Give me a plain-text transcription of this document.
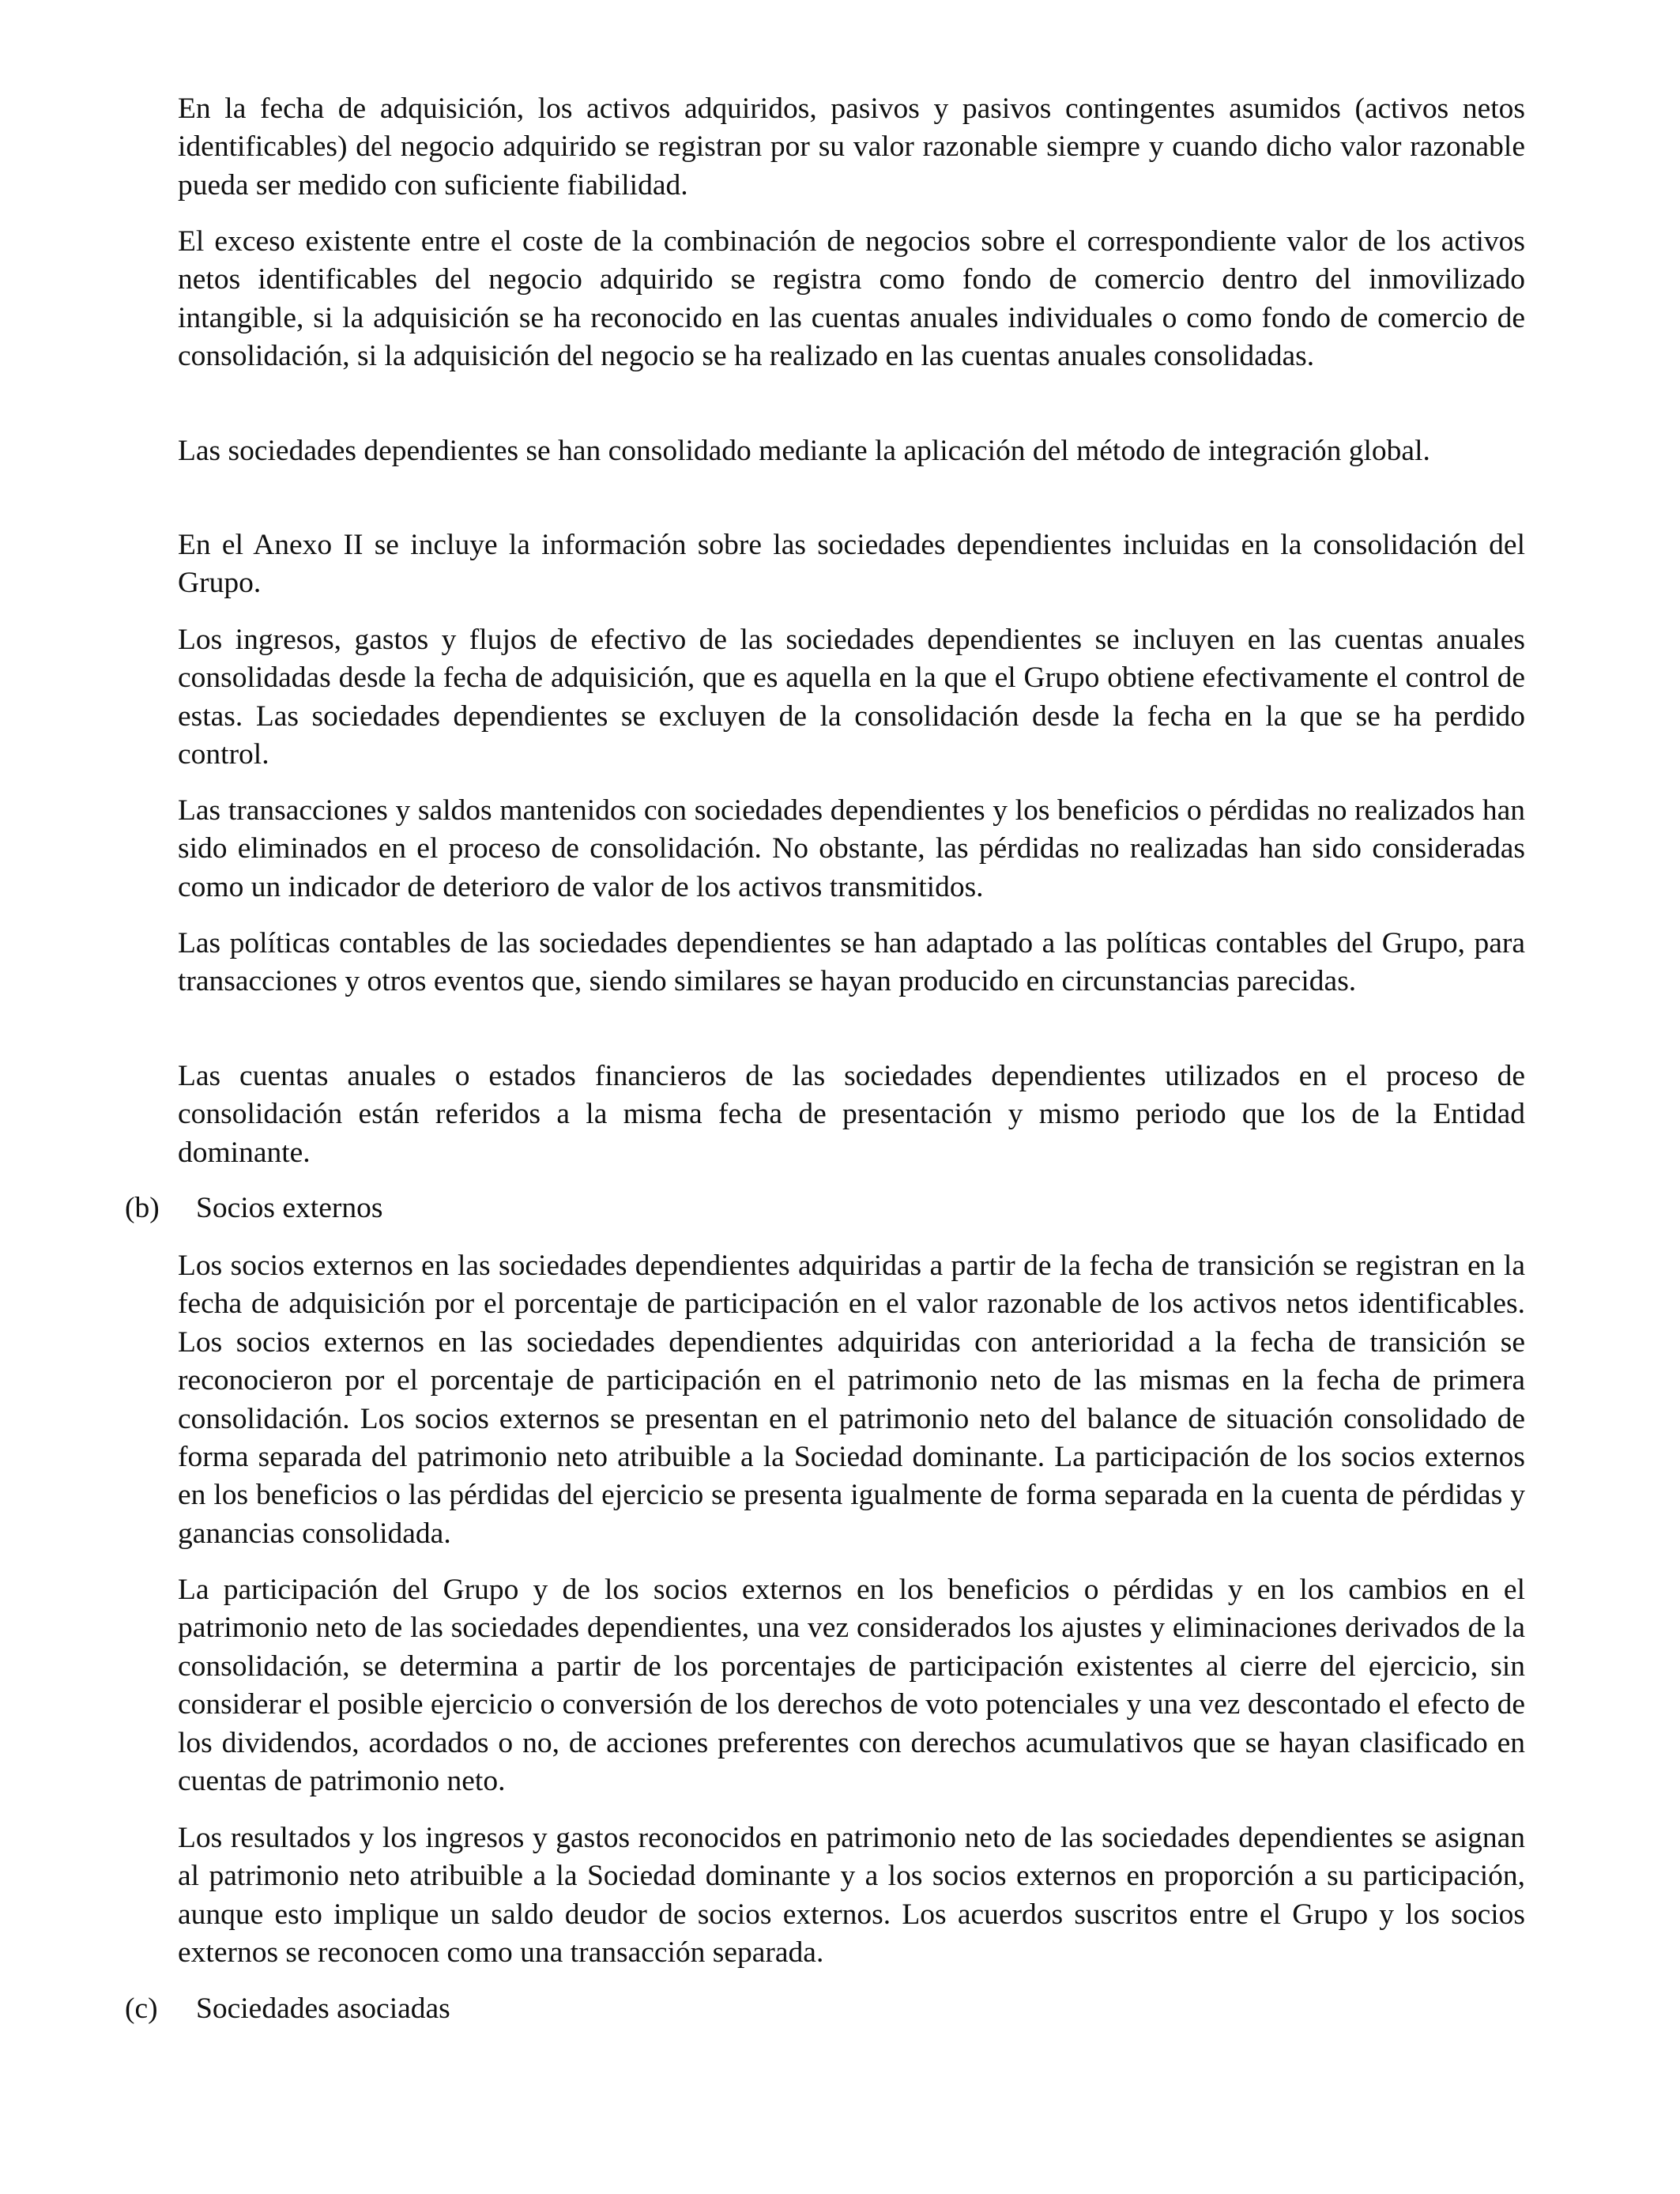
En la fecha de adquisición, los activos adquiridos, pasivos y pasivos contingentes asumidos (activos netos identificables) del negocio adquirido se registran por su valor razonable siempre y cuando dicho valor razonable pueda ser medido con suficiente fiabilidad.

El exceso existente entre el coste de la combinación de negocios sobre el correspondiente valor de los activos netos identificables del negocio adquirido se registra como fondo de comercio dentro del inmovilizado intangible, si la adquisición se ha reconocido en las cuentas anuales individuales o como fondo de comercio de consolidación, si la adquisición del negocio se ha realizado en las cuentas anuales consolidadas.

Las sociedades dependientes se han consolidado mediante la aplicación del método de integración global.

En el Anexo II se incluye la información sobre las sociedades dependientes incluidas en la consolidación del Grupo.

Los ingresos, gastos y flujos de efectivo de las sociedades dependientes se incluyen en las cuentas anuales consolidadas desde la fecha de adquisición, que es aquella en la que el Grupo obtiene efectivamente el control de estas. Las sociedades dependientes se excluyen de la consolidación desde la fecha en la que se ha perdido control.

Las transacciones y saldos mantenidos con sociedades dependientes y los beneficios o pérdidas no realizados han sido eliminados en el proceso de consolidación. No obstante, las pérdidas no realizadas han sido consideradas como un indicador de deterioro de valor de los activos transmitidos.

Las políticas contables de las sociedades dependientes se han adaptado a las políticas contables del Grupo, para transacciones y otros eventos que, siendo similares se hayan producido en circunstancias parecidas.

Las cuentas anuales o estados financieros de las sociedades dependientes utilizados en el proceso de consolidación están referidos a la misma fecha de presentación y mismo periodo que los de la Entidad dominante.

(b) Socios externos

Los socios externos en las sociedades dependientes adquiridas a partir de la fecha de transición se registran en la fecha de adquisición por el porcentaje de participación en el valor razonable de los activos netos identificables. Los socios externos en las sociedades dependientes adquiridas con anterioridad a la fecha de transición se reconocieron por el porcentaje de participación en el patrimonio neto de las mismas en la fecha de primera consolidación. Los socios externos se presentan en el patrimonio neto del balance de situación consolidado de forma separada del patrimonio neto atribuible a la Sociedad dominante. La participación de los socios externos en los beneficios o las pérdidas del ejercicio se presenta igualmente de forma separada en la cuenta de pérdidas y ganancias consolidada.

La participación del Grupo y de los socios externos en los beneficios o pérdidas y en los cambios en el patrimonio neto de las sociedades dependientes, una vez considerados los ajustes y eliminaciones derivados de la consolidación, se determina a partir de los porcentajes de participación existentes al cierre del ejercicio, sin considerar el posible ejercicio o conversión de los derechos de voto potenciales y una vez descontado el efecto de los dividendos, acordados o no, de acciones preferentes con derechos acumulativos que se hayan clasificado en cuentas de patrimonio neto.

Los resultados y los ingresos y gastos reconocidos en patrimonio neto de las sociedades dependientes se asignan al patrimonio neto atribuible a la Sociedad dominante y a los socios externos en proporción a su participación, aunque esto implique un saldo deudor de socios externos. Los acuerdos suscritos entre el Grupo y los socios externos se reconocen como una transacción separada.

(c) Sociedades asociadas
